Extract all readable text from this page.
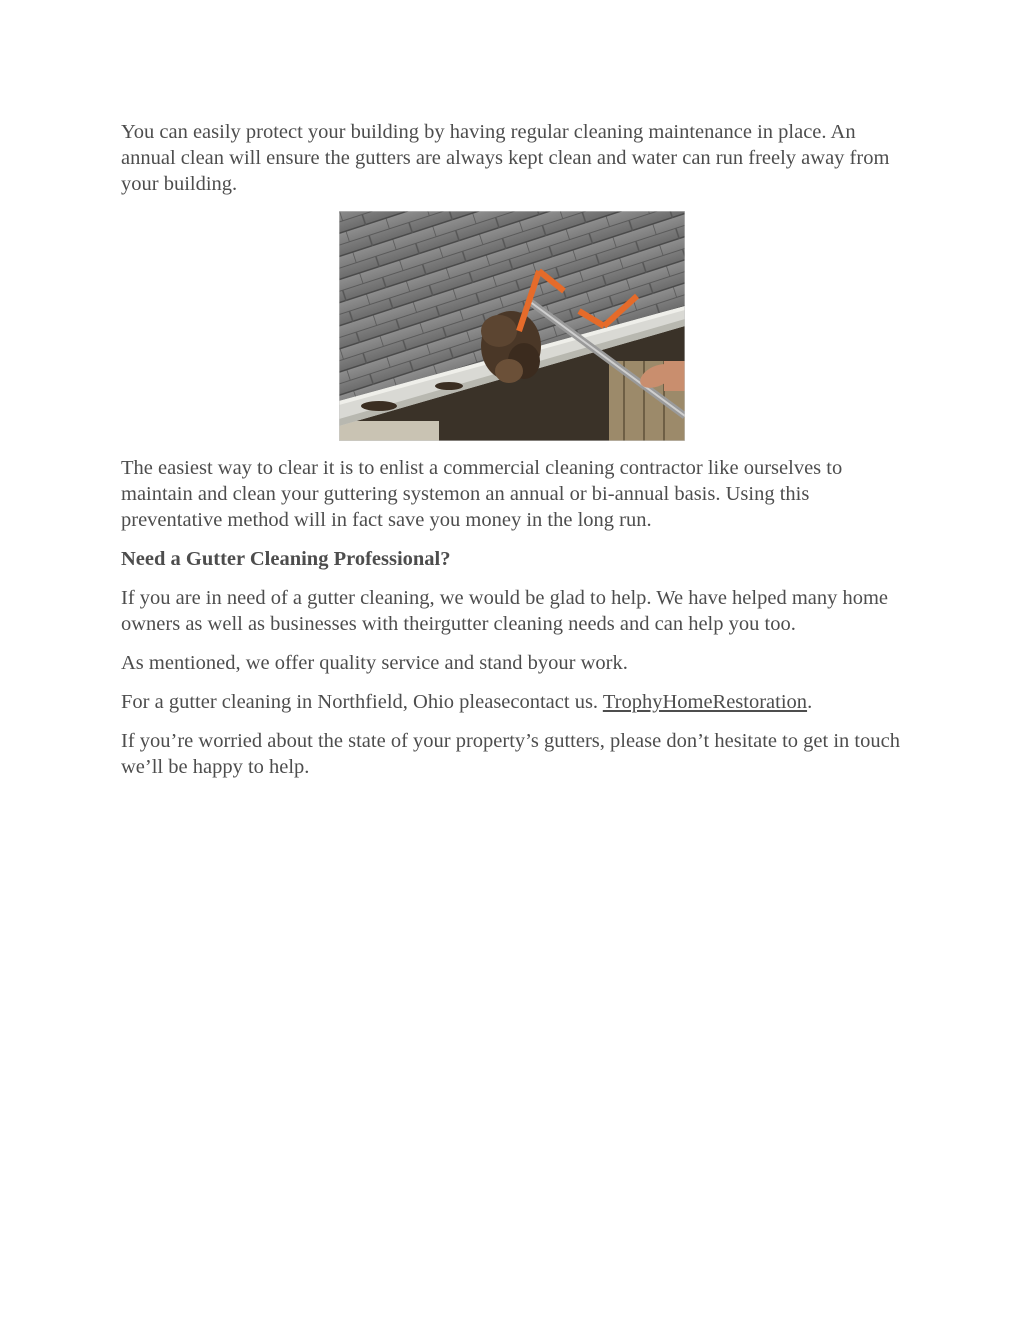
You can easily protect your building by having regular cleaning maintenance in place. An annual clean will ensure the gutters are always kept clean and water can run freely away from your building.

The easiest way to clear it is to enlist a commercial cleaning contractor like ourselves to maintain and clean your guttering systemon an annual or bi-annual basis. Using this preventative method will in fact save you money in the long run.

Need a Gutter Cleaning Professional?

If you are in need of a gutter cleaning, we would be glad to help. We have helped many home owners as well as businesses with theirgutter cleaning needs and can help you too.

As mentioned, we offer quality service and stand byour work.

For a gutter cleaning in Northfield, Ohio pleasecontact us. TrophyHomeRestoration.

If you’re worried about the state of your property’s gutters, please don’t hesitate to get in touch we’ll be happy to help.
